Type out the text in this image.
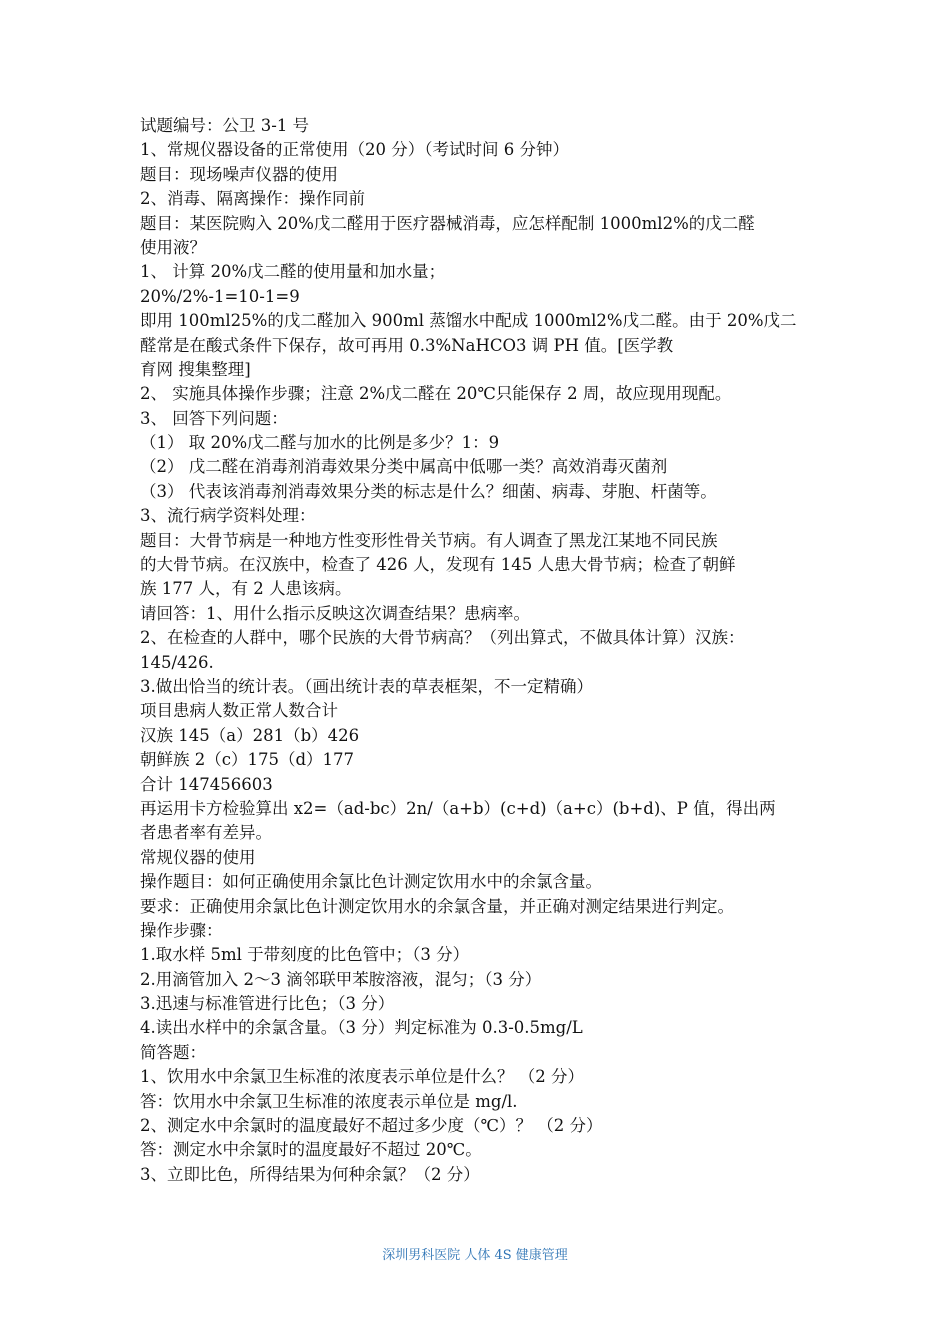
试题编号：公卫 3-1 号
1、常规仪器设备的正常使用（20 分）（考试时间 6 分钟）
题目：现场噪声仪器的使用
2、消毒、隔离操作：操作同前
题目：某医院购入 20%戊二醛用于医疗器械消毒，应怎样配制 1000ml2%的戊二醛
使用液？
1、 计算 20%戊二醛的使用量和加水量；
20%/2%-1=10-1=9
即用 100ml25%的戊二醛加入 900ml 蒸馏水中配成 1000ml2%戊二醛。由于 20%戊二
醛常是在酸式条件下保存，故可再用 0.3%NaHCO3 调 PH 值。[医学教
育网 搜集整理]
2、 实施具体操作步骤；注意 2%戊二醛在 20℃只能保存 2 周，故应现用现配。
3、 回答下列问题：
（1） 取 20%戊二醛与加水的比例是多少？1：9
（2） 戊二醛在消毒剂消毒效果分类中属高中低哪一类？高效消毒灭菌剂
（3） 代表该消毒剂消毒效果分类的标志是什么？细菌、病毒、芽胞、杆菌等。
3、流行病学资料处理：
题目：大骨节病是一种地方性变形性骨关节病。有人调查了黑龙江某地不同民族
的大骨节病。在汉族中，检查了 426 人，发现有 145 人患大骨节病；检查了朝鲜
族 177 人，有 2 人患该病。
请回答：1、用什么指示反映这次调查结果？患病率。
2、在检查的人群中，哪个民族的大骨节病高？（列出算式，不做具体计算）汉族：
145/426.
3.做出恰当的统计表。（画出统计表的草表框架，不一定精确）
项目患病人数正常人数合计
汉族 145（a）281（b）426
朝鲜族 2（c）175（d）177
合计 147456603
再运用卡方检验算出 x2=（ad-bc）2n/（a+b）(c+d)（a+c）(b+d)、P 值，得出两
者患者率有差异。
常规仪器的使用
操作题目：如何正确使用余氯比色计测定饮用水中的余氯含量。
要求：正确使用余氯比色计测定饮用水的余氯含量，并正确对测定结果进行判定。
操作步骤：
1.取水样 5ml 于带刻度的比色管中；（3 分）
2.用滴管加入 2～3 滴邻联甲苯胺溶液，混匀；（3 分）
3.迅速与标准管进行比色；（3 分）
4.读出水样中的余氯含量。（3 分）判定标准为 0.3-0.5mg/L
简答题：
1、饮用水中余氯卫生标准的浓度表示单位是什么？ （2 分）
答：饮用水中余氯卫生标准的浓度表示单位是 mg/l.
2、测定水中余氯时的温度最好不超过多少度（℃）？ （2 分）
答：测定水中余氯时的温度最好不超过 20℃。
3、立即比色，所得结果为何种余氯？（2 分）
深圳男科医院 人体 4S 健康管理
